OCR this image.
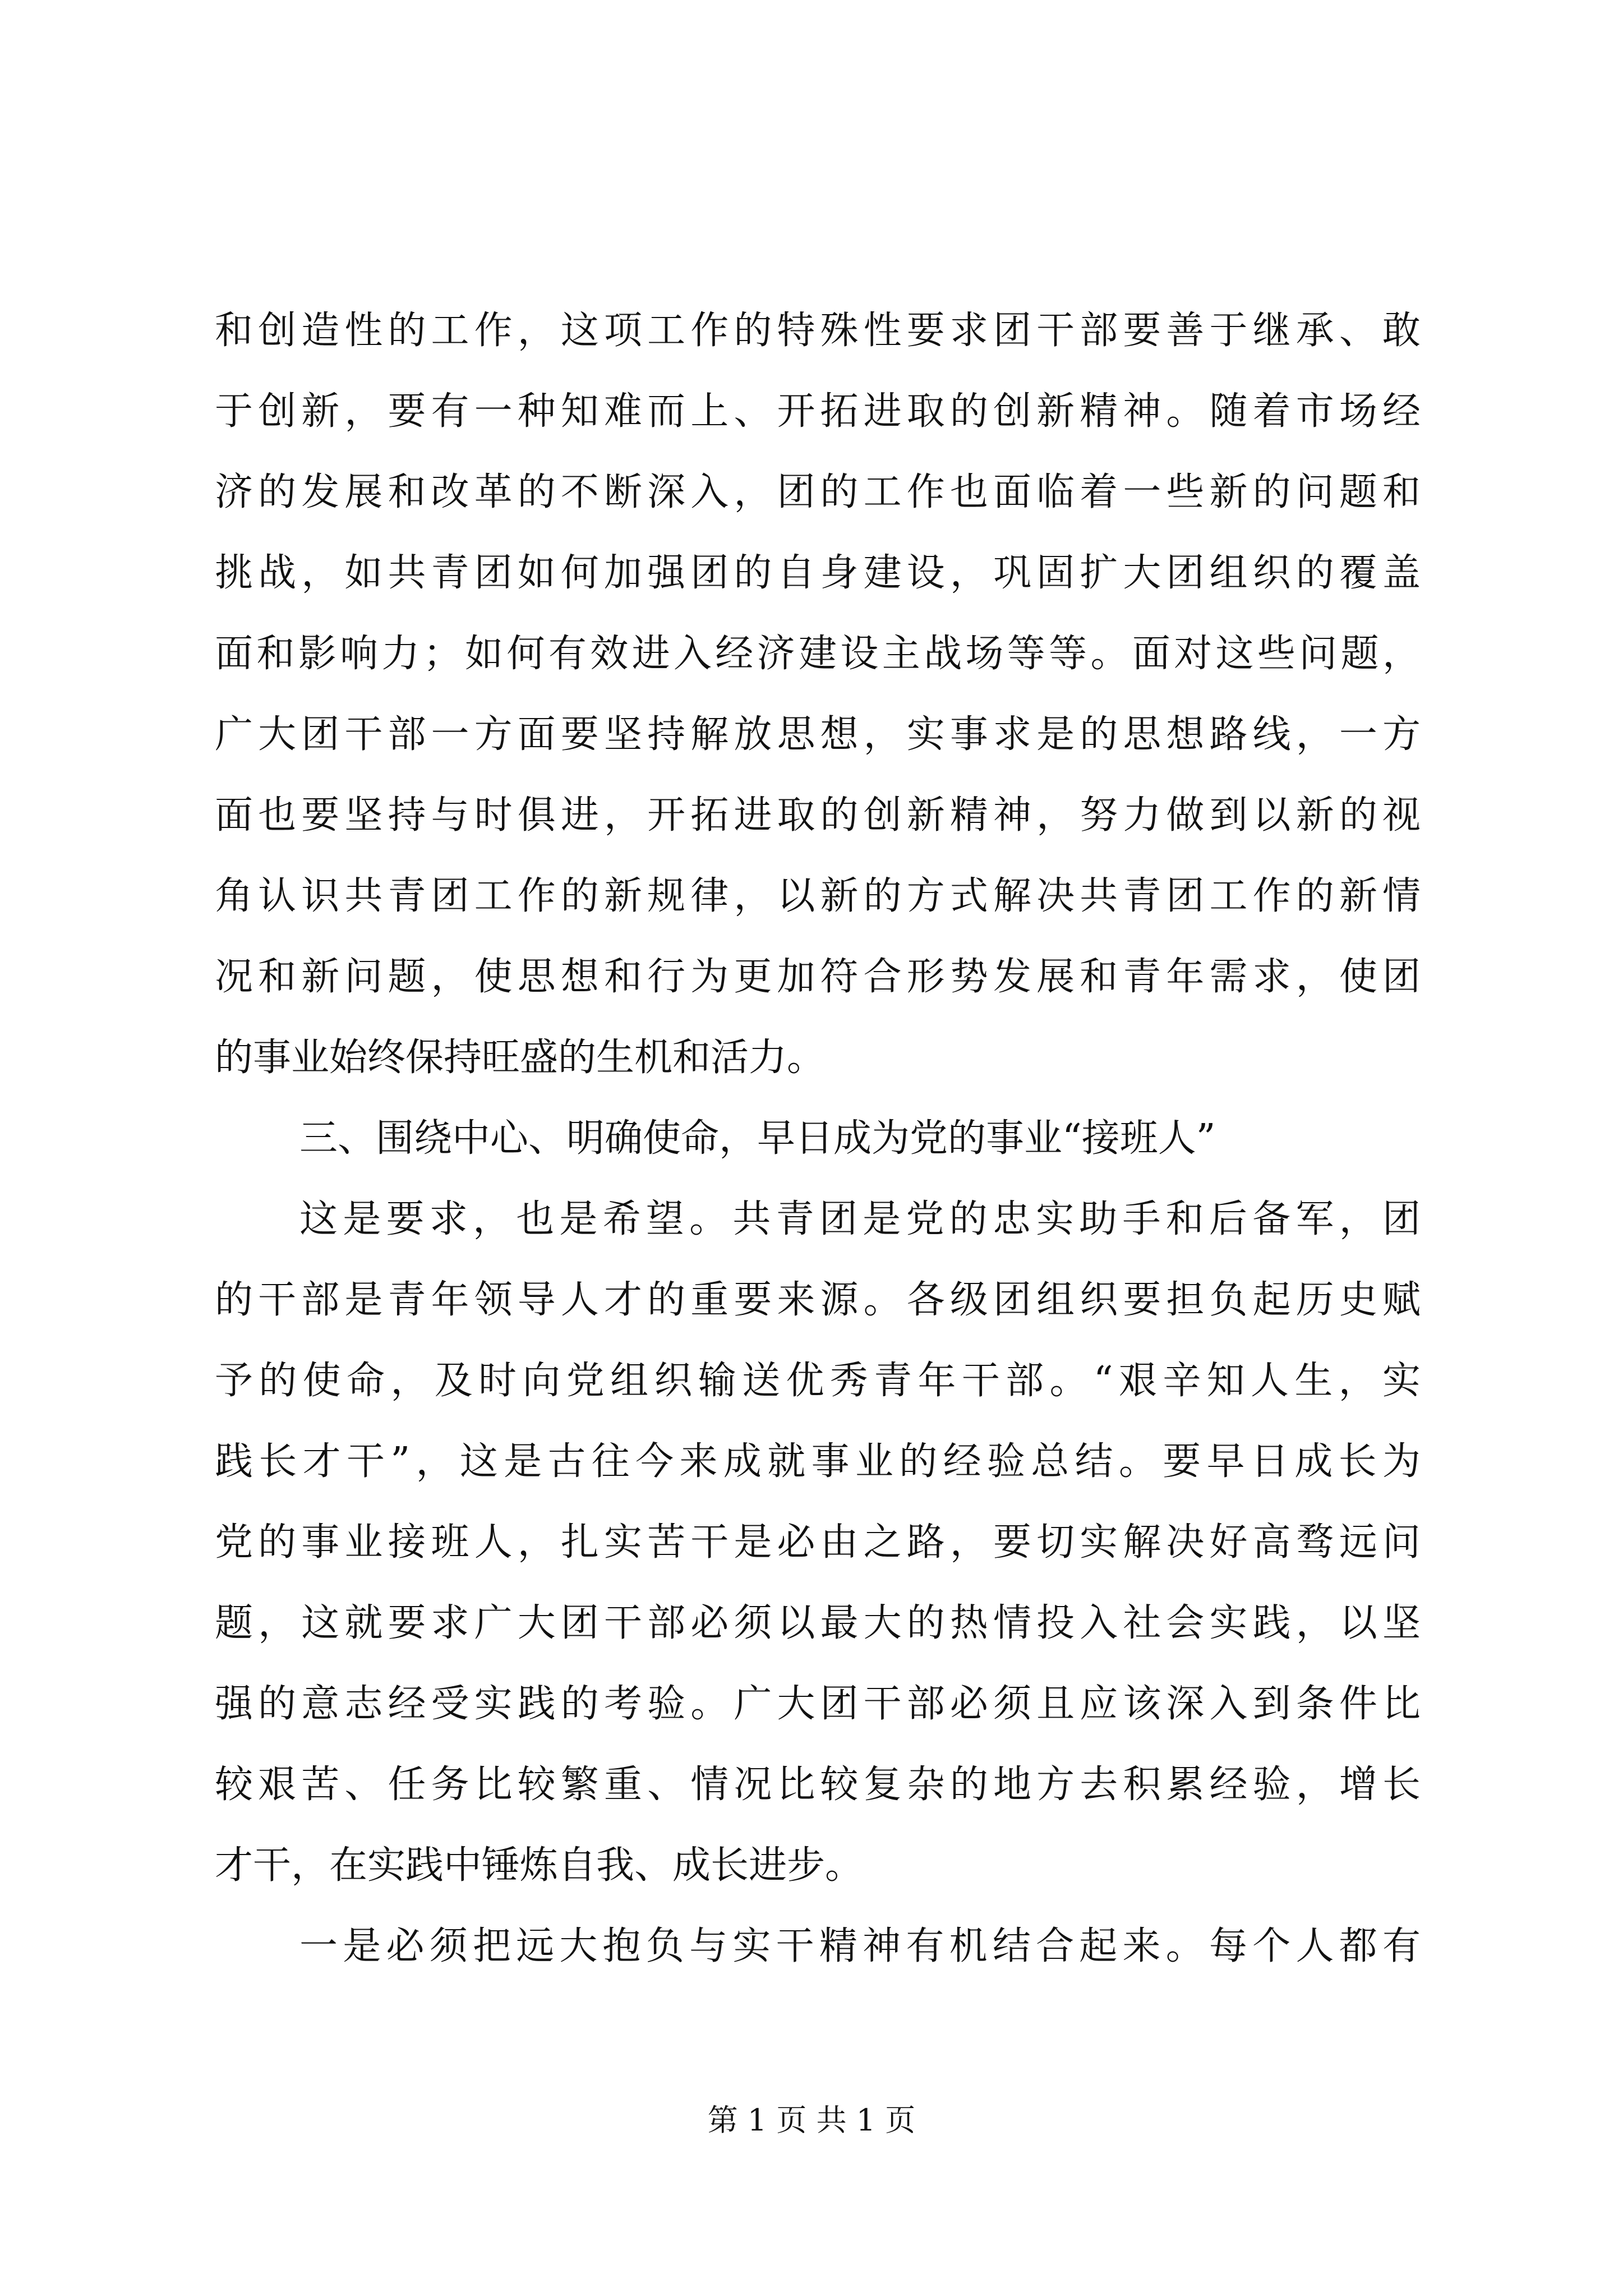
和创造性的工作，这项工作的特殊性要求团干部要善于继承、敢
于创新，要有一种知难而上、开拓进取的创新精神。随着市场经
济的发展和改革的不断深入，团的工作也面临着一些新的问题和
挑战，如共青团如何加强团的自身建设，巩固扩大团组织的覆盖
面和影响力；如何有效进入经济建设主战场等等。面对这些问题，
广大团干部一方面要坚持解放思想，实事求是的思想路线，一方
面也要坚持与时俱进，开拓进取的创新精神，努力做到以新的视
角认识共青团工作的新规律，以新的方式解决共青团工作的新情
况和新问题，使思想和行为更加符合形势发展和青年需求，使团
的事业始终保持旺盛的生机和活力。
三、围绕中心、明确使命，早日成为党的事业“接班人”
这是要求，也是希望。共青团是党的忠实助手和后备军，团
的干部是青年领导人才的重要来源。各级团组织要担负起历史赋
予的使命，及时向党组织输送优秀青年干部。“艰辛知人生，实
践长才干”，这是古往今来成就事业的经验总结。要早日成长为
党的事业接班人，扎实苦干是必由之路，要切实解决好高骛远问
题，这就要求广大团干部必须以最大的热情投入社会实践，以坚
强的意志经受实践的考验。广大团干部必须且应该深入到条件比
较艰苦、任务比较繁重、情况比较复杂的地方去积累经验，增长
才干，在实践中锤炼自我、成长进步。
一是必须把远大抱负与实干精神有机结合起来。每个人都有
第 1 页 共 1 页
